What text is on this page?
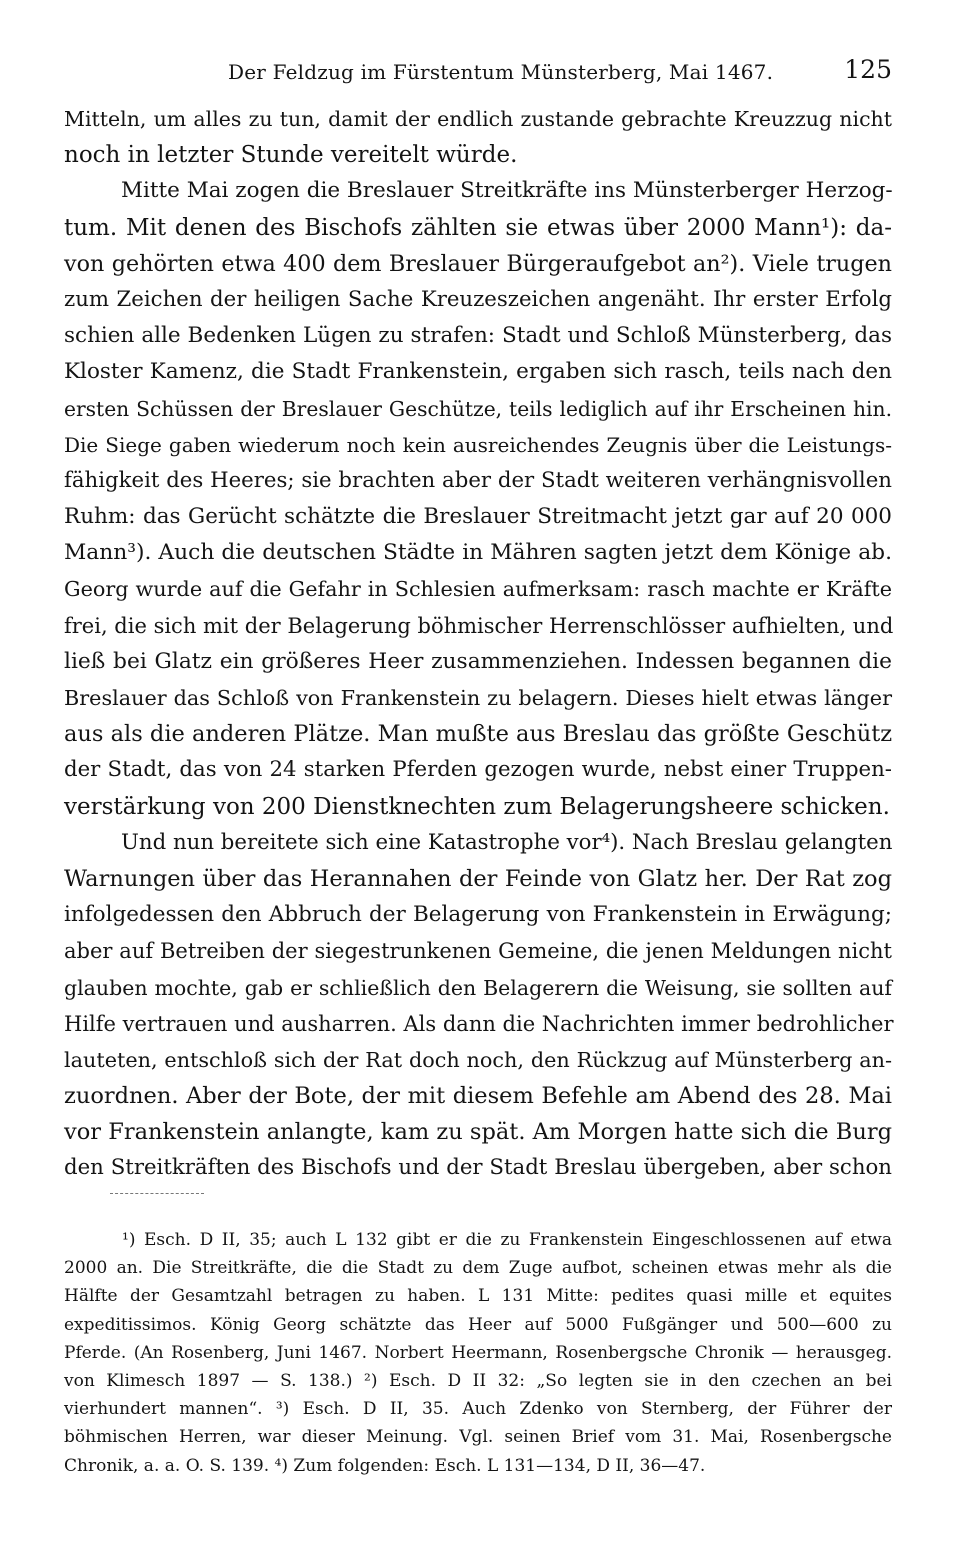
Der Feldzug im Fürstentum Münsterberg, Mai 1467.	125
Mitteln, um alles zu tun, damit der endlich zustande gebrachte Kreuzzug nicht
noch in letzter Stunde vereitelt würde.
Mitte Mai zogen die Breslauer Streitkräfte ins Münsterberger Herzog-
tum. Mit denen des Bischofs zählten sie etwas über 2000 Mann¹): da-
von gehörten etwa 400 dem Breslauer Bürgeraufgebot an²). Viele trugen
zum Zeichen der heiligen Sache Kreuzeszeichen angenäht. Ihr erster Erfolg
schien alle Bedenken Lügen zu strafen: Stadt und Schloß Münsterberg, das
Kloster Kamenz, die Stadt Frankenstein, ergaben sich rasch, teils nach den
ersten Schüssen der Breslauer Geschütze, teils lediglich auf ihr Erscheinen hin.
Die Siege gaben wiederum noch kein ausreichendes Zeugnis über die Leistungs-
fähigkeit des Heeres; sie brachten aber der Stadt weiteren verhängnisvollen
Ruhm: das Gerücht schätzte die Breslauer Streitmacht jetzt gar auf 20 000
Mann³). Auch die deutschen Städte in Mähren sagten jetzt dem Könige ab.
Georg wurde auf die Gefahr in Schlesien aufmerksam: rasch machte er Kräfte
frei, die sich mit der Belagerung böhmischer Herrenschlösser aufhielten, und
ließ bei Glatz ein größeres Heer zusammenziehen. Indessen begannen die
Breslauer das Schloß von Frankenstein zu belagern. Dieses hielt etwas länger
aus als die anderen Plätze. Man mußte aus Breslau das größte Geschütz
der Stadt, das von 24 starken Pferden gezogen wurde, nebst einer Truppen-
verstärkung von 200 Dienstknechten zum Belagerungsheere schicken.
Und nun bereitete sich eine Katastrophe vor⁴). Nach Breslau gelangten
Warnungen über das Herannahen der Feinde von Glatz her. Der Rat zog
infolgedessen den Abbruch der Belagerung von Frankenstein in Erwägung;
aber auf Betreiben der siegestrunkenen Gemeine, die jenen Meldungen nicht
glauben mochte, gab er schließlich den Belagerern die Weisung, sie sollten auf
Hilfe vertrauen und ausharren. Als dann die Nachrichten immer bedrohlicher
lauteten, entschloß sich der Rat doch noch, den Rückzug auf Münsterberg an-
zuordnen. Aber der Bote, der mit diesem Befehle am Abend des 28. Mai
vor Frankenstein anlangte, kam zu spät. Am Morgen hatte sich die Burg
den Streitkräften des Bischofs und der Stadt Breslau übergeben, aber schon
¹) Esch. D II, 35; auch L 132 gibt er die zu Frankenstein Eingeschlossenen auf etwa
2000 an. Die Streitkräfte, die die Stadt zu dem Zuge aufbot, scheinen etwas mehr als die
Hälfte der Gesamtzahl betragen zu haben. L 131 Mitte: pedites quasi mille et equites
expeditissimos. König Georg schätzte das Heer auf 5000 Fußgänger und 500—600 zu
Pferde. (An Rosenberg, Juni 1467. Norbert Heermann, Rosenbergsche Chronik — herausgeg.
von Klimesch 1897 — S. 138.) ²) Esch. D II 32: „So legten sie in den czechen an bei
vierhundert mannen“. ³) Esch. D II, 35. Auch Zdenko von Sternberg, der Führer der
böhmischen Herren, war dieser Meinung. Vgl. seinen Brief vom 31. Mai, Rosenbergsche
Chronik, a. a. O. S. 139. ⁴) Zum folgenden: Esch. L 131—134, D II, 36—47.
